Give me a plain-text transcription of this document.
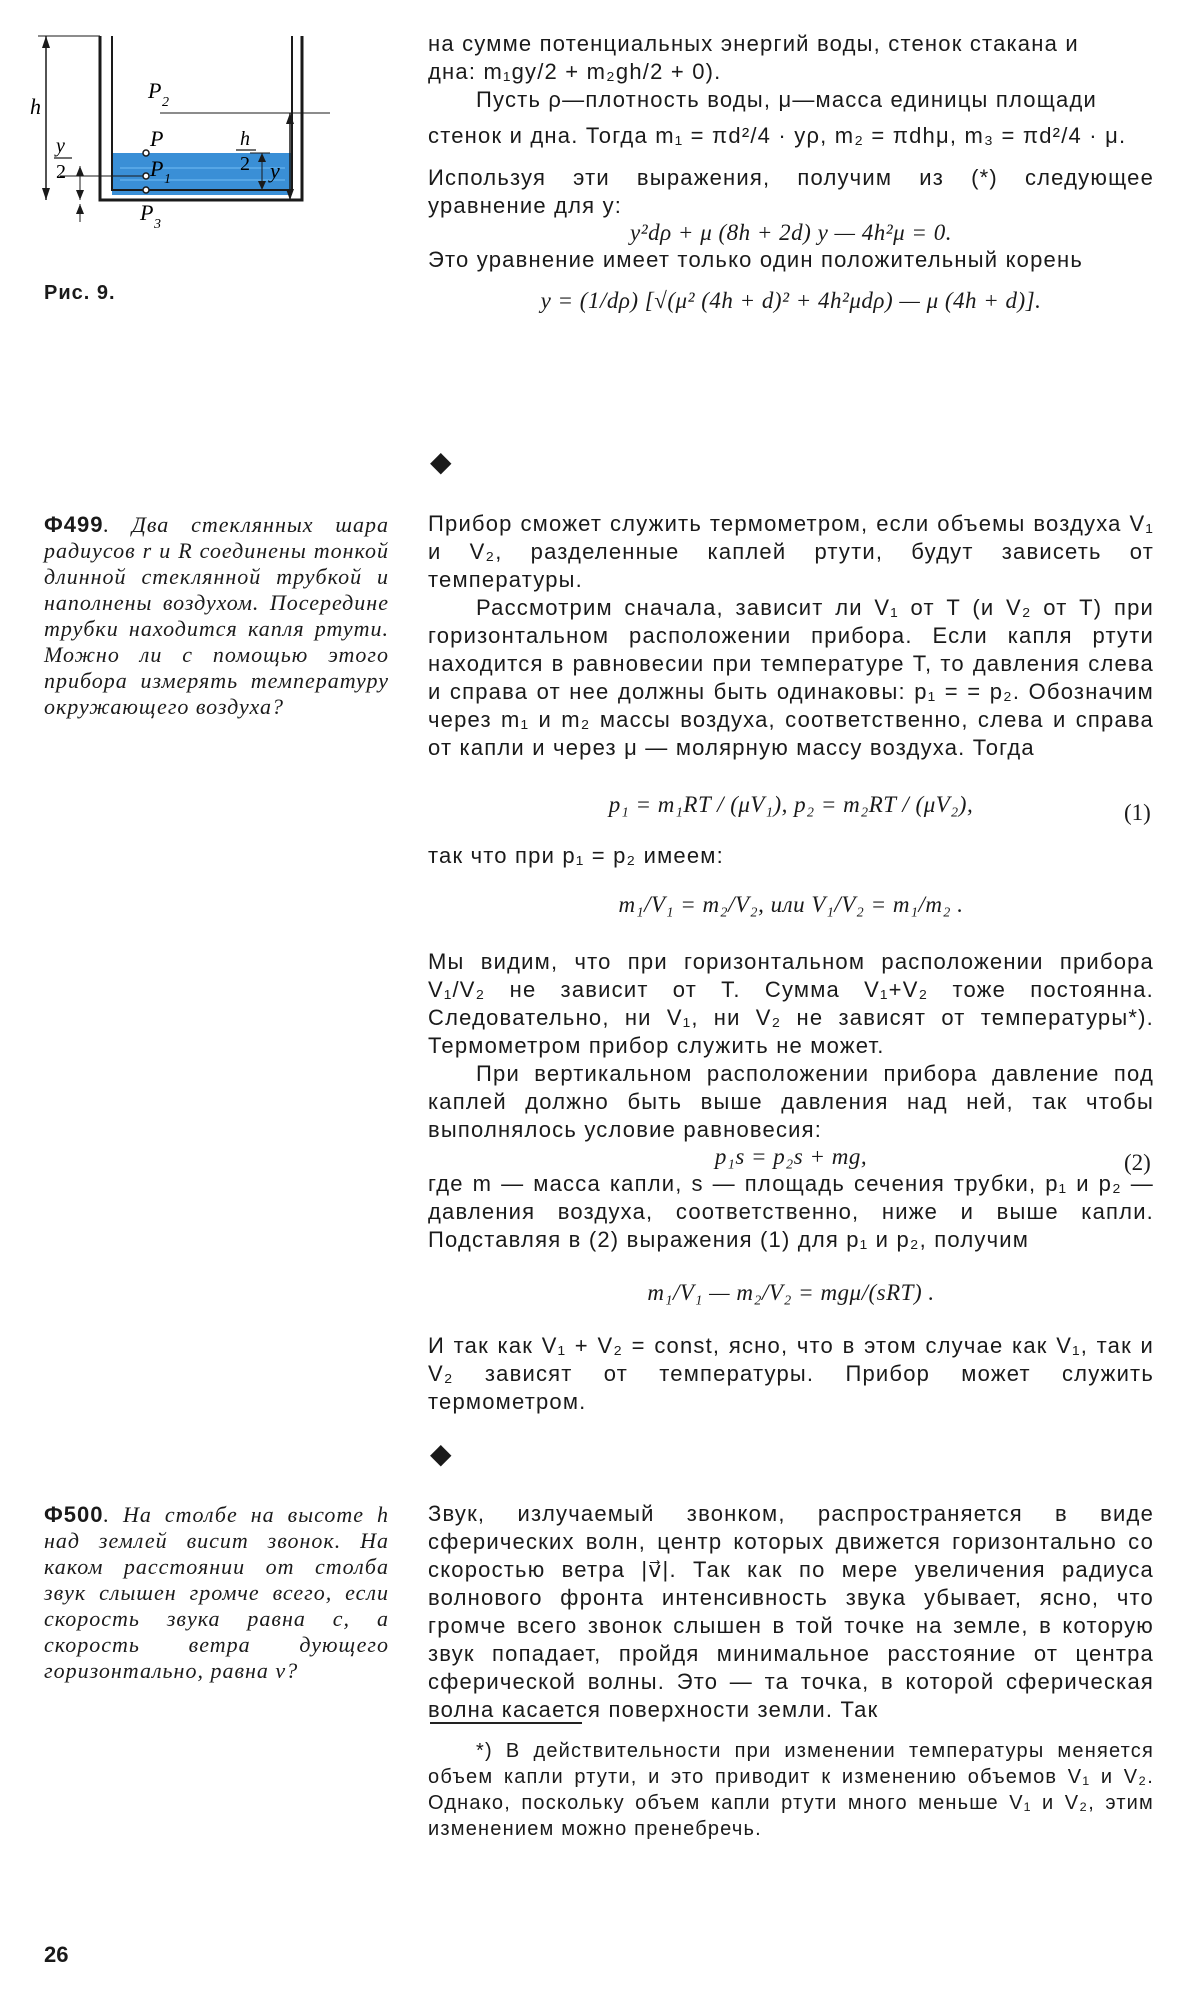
h
y
2
P 2
P
P 1
P 3
h
2 y
Рис. 9.

на сумме потенциальных энергий воды, стенок стакана и

дна: m₁gy/2 + m₂gh/2 + 0).

Пусть ρ—плотность воды, μ—масса единицы площади

стенок и дна. Тогда m₁ = πd²/4 · yρ, m₂ = πdhμ, m₃ = πd²/4 · μ.

Используя эти выражения, получим из (*) следующее уравнение для y:

y²dρ + μ (8h + 2d) y — 4h²μ = 0.

Это уравнение имеет только один положительный корень

y = (1/dρ) [√(μ² (4h + d)² + 4h²μdρ) — μ (4h + d)].

◆

Ф499. Два стеклянных шара радиусов r и R соединены тонкой длинной стеклянной трубкой и наполнены воздухом. Посередине трубки находится капля ртути. Можно ли с помощью этого прибора измерять температуру окружающего воздуха?

Прибор сможет служить термометром, если объемы воздуха V₁ и V₂, разделенные каплей ртути, будут зависеть от температуры.

Рассмотрим сначала, зависит ли V₁ от T (и V₂ от T) при горизонтальном расположении прибора. Если капля ртути находится в равновесии при температуре T, то давления слева и справа от нее должны быть одинаковы: p₁ = = p₂. Обозначим через m₁ и m₂ массы воздуха, соответственно, слева и справа от капли и через μ — молярную массу воздуха. Тогда

p₁ = m₁RT / (μV₁), p₂ = m₂RT / (μV₂),

так что при p₁ = p₂ имеем:

m₁/V₁ = m₂/V₂, или V₁/V₂ = m₁/m₂ .

Мы видим, что при горизонтальном расположении прибора V₁/V₂ не зависит от T. Сумма V₁+V₂ тоже постоянна. Следовательно, ни V₁, ни V₂ не зависят от температуры*). Термометром прибор служить не может.

При вертикальном расположении прибора давление под каплей должно быть выше давления над ней, так чтобы выполнялось условие равновесия:

p₁s = p₂s + mg,

где m — масса капли, s — площадь сечения трубки, p₁ и p₂ — давления воздуха, соответственно, ниже и выше капли. Подставляя в (2) выражения (1) для p₁ и p₂, получим

m₁/V₁ — m₂/V₂ = mgμ/(sRT) .

И так как V₁ + V₂ = const, ясно, что в этом случае как V₁, так и V₂ зависят от температуры. Прибор может служить термометром.

(1)
(2)
◆

Ф500. На столбе на высоте h над землей висит звонок. На каком расстоянии от столба звук слышен громче всего, если скорость звука равна c, а скорость ветра дующего горизонтально, равна v?

Звук, излучаемый звонком, распространяется в виде сферических волн, центр которых движется горизонтально со скоростью ветра |v⃗|. Так как по мере увеличения радиуса волнового фронта интенсивность звука убывает, ясно, что громче всего звонок слышен в той точке на земле, в которую звук попадает, пройдя минимальное расстояние от центра сферической волны. Это — та точка, в которой сферическая волна касается поверхности земли. Так

*) В действительности при изменении температуры меняется объем капли ртути, и это приводит к изменению объемов V₁ и V₂. Однако, поскольку объем капли ртути много меньше V₁ и V₂, этим изменением можно пренебречь.

26
